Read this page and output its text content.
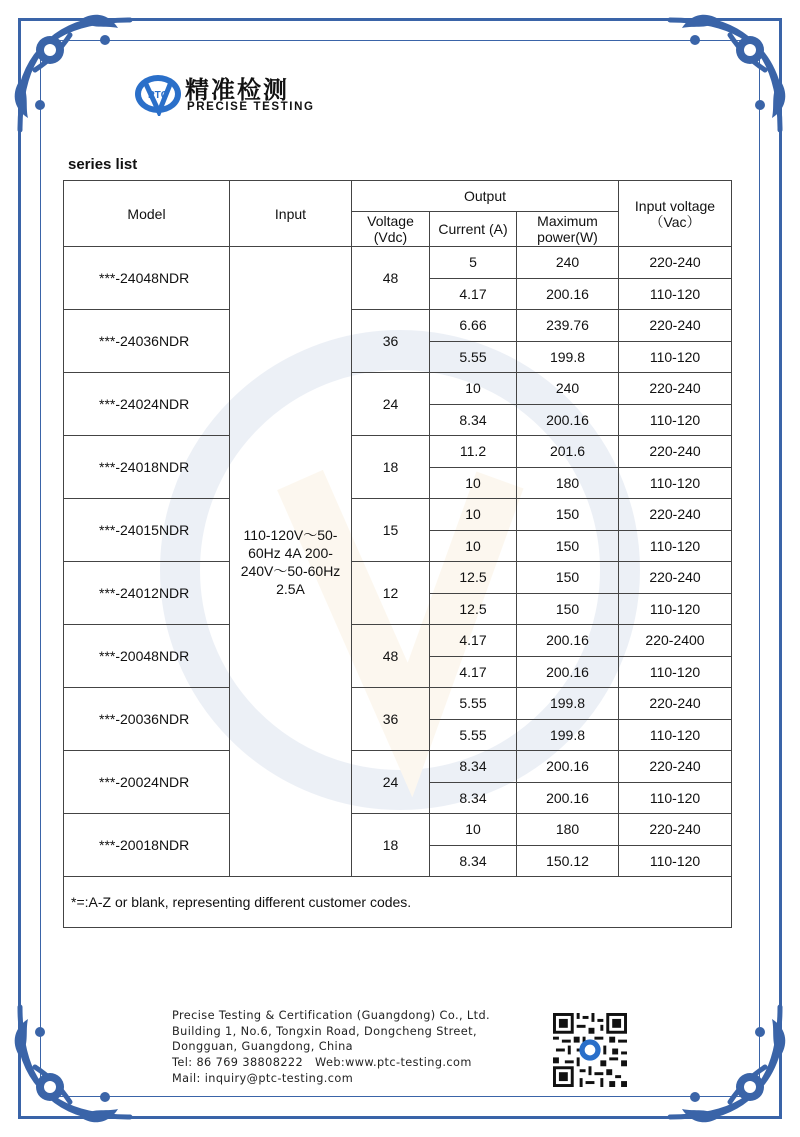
PTC 精准检测
PRECISE TESTING
series list
Model	Input	Output			Input voltage （Vac）
		Voltage (Vdc)	Current (A)	Maximum power(W)	
***-24048NDR	110-120V～50-60Hz 4A 200-240V～50-60Hz 2.5A	48	5	240	220-240
			4.17	200.16	110-120
***-24036NDR		36	6.66	239.76	220-240
			5.55	199.8	110-120
***-24024NDR		24	10	240	220-240
			8.34	200.16	110-120
***-24018NDR		18	11.2	201.6	220-240
			10	180	110-120
***-24015NDR		15	10	150	220-240
			10	150	110-120
***-24012NDR		12	12.5	150	220-240
			12.5	150	110-120
***-20048NDR		48	4.17	200.16	220-2400
			4.17	200.16	110-120
***-20036NDR		36	5.55	199.8	220-240
			5.55	199.8	110-120
***-20024NDR		24	8.34	200.16	220-240
			8.34	200.16	110-120
***-20018NDR		18	10	180	220-240
			8.34	150.12	110-120
*=:A-Z or blank, representing different customer codes.					
Precise Testing & Certification (Guangdong) Co., Ltd.
Building 1, No.6, Tongxin Road, Dongcheng Street,
Dongguan, Guangdong, China
Tel: 86 769 38808222   Web:www.ptc-testing.com
Mail: inquiry@ptc-testing.com
